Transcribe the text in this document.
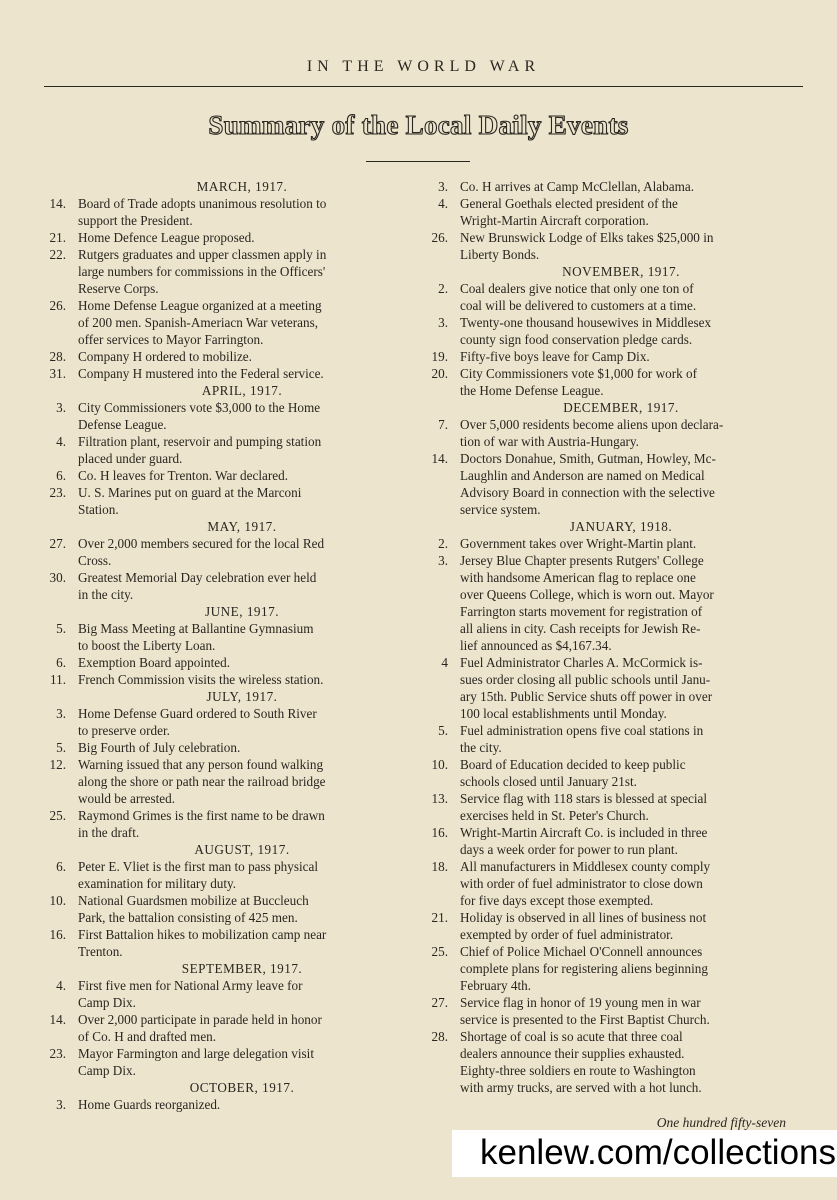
IN THE WORLD WAR
Summary of the Local Daily Events
MARCH, 1917.
14. Board of Trade adopts unanimous resolution to
support the President.
21. Home Defence League proposed.
22. Rutgers graduates and upper classmen apply in
large numbers for commissions in the Officers'
Reserve Corps.
26. Home Defense League organized at a meeting
of 200 men. Spanish-Ameriacn War veterans,
offer services to Mayor Farrington.
28. Company H ordered to mobilize.
31. Company H mustered into the Federal service.
APRIL, 1917.
3. City Commissioners vote $3,000 to the Home
Defense League.
4. Filtration plant, reservoir and pumping station
placed under guard.
6. Co. H leaves for Trenton. War declared.
23. U. S. Marines put on guard at the Marconi
Station.
MAY, 1917.
27. Over 2,000 members secured for the local Red
Cross.
30. Greatest Memorial Day celebration ever held
in the city.
JUNE, 1917.
5. Big Mass Meeting at Ballantine Gymnasium
to boost the Liberty Loan.
6. Exemption Board appointed.
11. French Commission visits the wireless station.
JULY, 1917.
3. Home Defense Guard ordered to South River
to preserve order.
5. Big Fourth of July celebration.
12. Warning issued that any person found walking
along the shore or path near the railroad bridge
would be arrested.
25. Raymond Grimes is the first name to be drawn
in the draft.
AUGUST, 1917.
6. Peter E. Vliet is the first man to pass physical
examination for military duty.
10. National Guardsmen mobilize at Buccleuch
Park, the battalion consisting of 425 men.
16. First Battalion hikes to mobilization camp near
Trenton.
SEPTEMBER, 1917.
4. First five men for National Army leave for
Camp Dix.
14. Over 2,000 participate in parade held in honor
of Co. H and drafted men.
23. Mayor Farmington and large delegation visit
Camp Dix.
OCTOBER, 1917.
3. Home Guards reorganized.
3. Co. H arrives at Camp McClellan, Alabama.
4. General Goethals elected president of the
Wright-Martin Aircraft corporation.
26. New Brunswick Lodge of Elks takes $25,000 in
Liberty Bonds.
NOVEMBER, 1917.
2. Coal dealers give notice that only one ton of
coal will be delivered to customers at a time.
3. Twenty-one thousand housewives in Middlesex
county sign food conservation pledge cards.
19. Fifty-five boys leave for Camp Dix.
20. City Commissioners vote $1,000 for work of
the Home Defense League.
DECEMBER, 1917.
7. Over 5,000 residents become aliens upon declara-
tion of war with Austria-Hungary.
14. Doctors Donahue, Smith, Gutman, Howley, Mc-
Laughlin and Anderson are named on Medical
Advisory Board in connection with the selective
service system.
JANUARY, 1918.
2. Government takes over Wright-Martin plant.
3. Jersey Blue Chapter presents Rutgers' College
with handsome American flag to replace one
over Queens College, which is worn out. Mayor
Farrington starts movement for registration of
all aliens in city. Cash receipts for Jewish Re-
lief announced as $4,167.34.
4 Fuel Administrator Charles A. McCormick is-
sues order closing all public schools until Janu-
ary 15th. Public Service shuts off power in over
100 local establishments until Monday.
5. Fuel administration opens five coal stations in
the city.
10. Board of Education decided to keep public
schools closed until January 21st.
13. Service flag with 118 stars is blessed at special
exercises held in St. Peter's Church.
16. Wright-Martin Aircraft Co. is included in three
days a week order for power to run plant.
18. All manufacturers in Middlesex county comply
with order of fuel administrator to close down
for five days except those exempted.
21. Holiday is observed in all lines of business not
exempted by order of fuel administrator.
25. Chief of Police Michael O'Connell announces
complete plans for registering aliens beginning
February 4th.
27. Service flag in honor of 19 young men in war
service is presented to the First Baptist Church.
28. Shortage of coal is so acute that three coal
dealers announce their supplies exhausted.
Eighty-three soldiers en route to Washington
with army trucks, are served with a hot lunch.
One hundred fifty-seven
kenlew.com/collections
